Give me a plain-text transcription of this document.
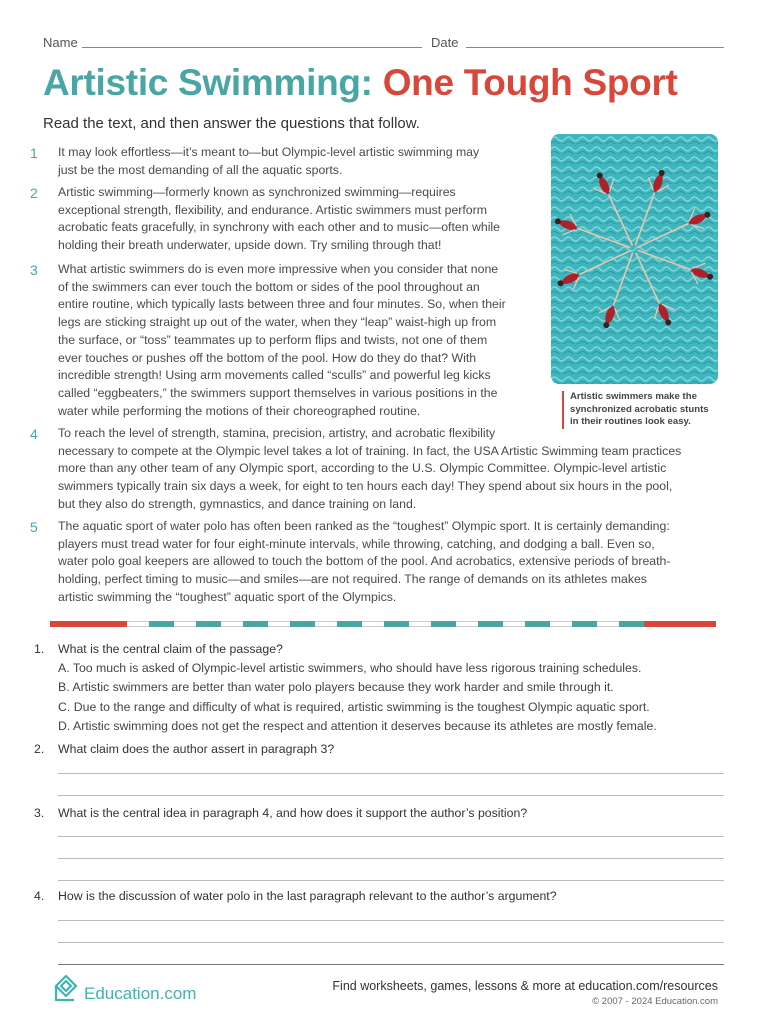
Name	Date
Artistic Swimming: One Tough Sport
Read the text, and then answer the questions that follow.
1 It may look effortless—it’s meant to—but Olympic-level artistic swimming may
just be the most demanding of all the aquatic sports.
2 Artistic swimming—formerly known as synchronized swimming—requires
exceptional strength, flexibility, and endurance. Artistic swimmers must perform
acrobatic feats gracefully, in synchrony with each other and to music—often while
holding their breath underwater, upside down. Try smiling through that!
3 What artistic swimmers do is even more impressive when you consider that none
of the swimmers can ever touch the bottom or sides of the pool throughout an
entire routine, which typically lasts between three and four minutes. So, when their
legs are sticking straight up out of the water, when they “leap” waist-high up from
the surface, or “toss” teammates up to perform flips and twists, not one of them
ever touches or pushes off the bottom of the pool. How do they do that? With
incredible strength! Using arm movements called “sculls” and powerful leg kicks
called “eggbeaters,” the swimmers support themselves in various positions in the
water while performing the motions of their choreographed routine.
4 To reach the level of strength, stamina, precision, artistry, and acrobatic flexibility
necessary to compete at the Olympic level takes a lot of training. In fact, the USA Artistic Swimming team practices
more than any other team of any Olympic sport, according to the U.S. Olympic Committee. Olympic-level artistic
swimmers typically train six days a week, for eight to ten hours each day! They spend about six hours in the pool,
but they also do strength, gymnastics, and dance training on land.
5 The aquatic sport of water polo has often been ranked as the “toughest” Olympic sport. It is certainly demanding:
players must tread water for four eight-minute intervals, while throwing, catching, and dodging a ball. Even so,
water polo goal keepers are allowed to touch the bottom of the pool. And acrobatics, extensive periods of breath-
holding, perfect timing to music—and smiles—are not required. The range of demands on its athletes makes
artistic swimming the “toughest” aquatic sport of the Olympics.
Artistic swimmers make the
synchronized acrobatic stunts
in their routines look easy.
1. What is the central claim of the passage?
A. Too much is asked of Olympic-level artistic swimmers, who should have less rigorous training schedules.
B. Artistic swimmers are better than water polo players because they work harder and smile through it.
C. Due to the range and difficulty of what is required, artistic swimming is the toughest Olympic aquatic sport.
D. Artistic swimming does not get the respect and attention it deserves because its athletes are mostly female.
2. What claim does the author assert in paragraph 3?
3. What is the central idea in paragraph 4, and how does it support the author’s position?
4. How is the discussion of water polo in the last paragraph relevant to the author’s argument?
Education.com	Find worksheets, games, lessons & more at education.com/resources
© 2007 - 2024 Education.com
